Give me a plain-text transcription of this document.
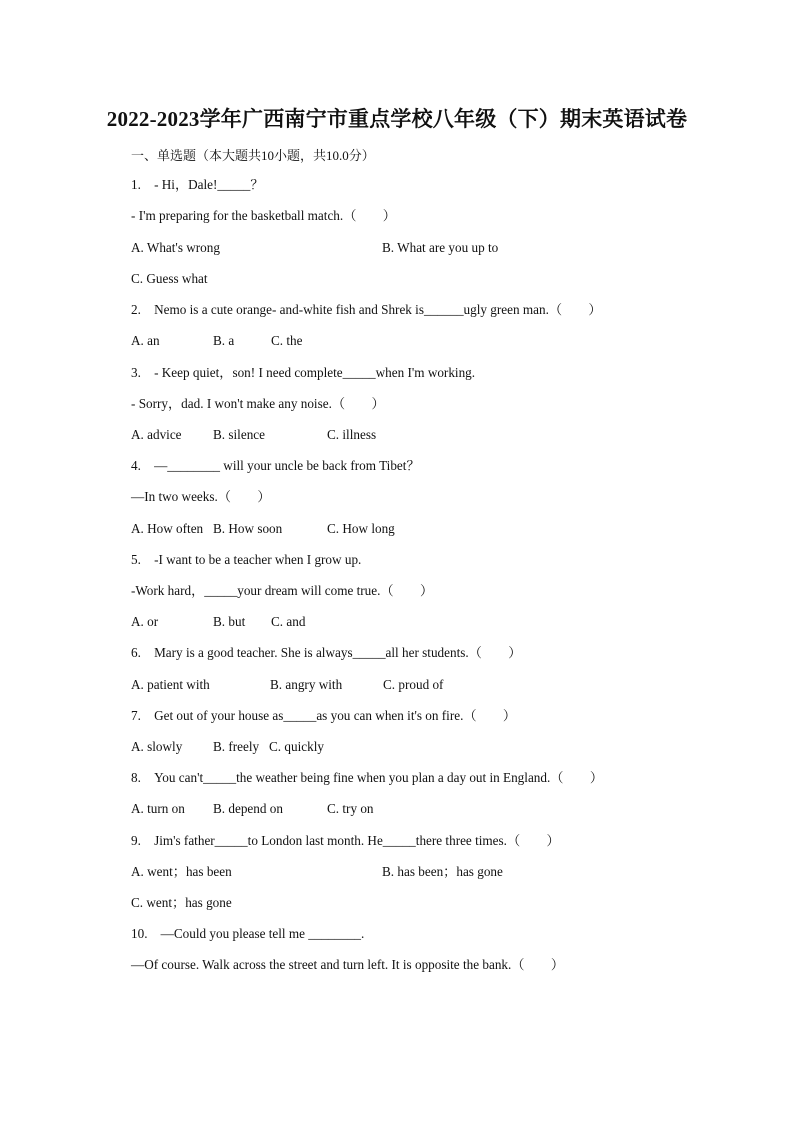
2022-2023学年广西南宁市重点学校八年级（下）期末英语试卷
一、单选题（本大题共10小题，共10.0分）
1.　- Hi，Dale!_____？
- I'm preparing for the basketball match.（　　）
A. What's wrong	B. What are you up to
C. Guess what
2.　Nemo is a cute orange- and-white fish and Shrek is______ugly green man.（　　）
A. an	B. a	C. the
3.　- Keep quiet，son! I need complete_____when I'm working.
- Sorry，dad. I won't make any noise.（　　）
A. advice B. silence	C. illness
4.　—________ will your uncle be back from Tibet？
—In two weeks.（　　）
A. How often B. How soon	C. How long
5.　-I want to be a teacher when I grow up.
-Work hard，_____your dream will come true.（　　）
A. or	B. but C. and
6.　Mary is a good teacher. She is always_____all her students.（　　）
A. patient with	B. angry with	C. proud of
7.　Get out of your house as_____as you can when it's on fire.（　　）
A. slowly B. freely C. quickly
8.　You can't_____the weather being fine when you plan a day out in England.（　　）
A. turn on B. depend on	C. try on
9.　Jim's father_____to London last month. He_____there three times.（　　）
A. went；has been	B. has been；has gone
C. went；has gone
10.　—Could you please tell me ________.
—Of course. Walk across the street and turn left. It is opposite the bank.（　　）
